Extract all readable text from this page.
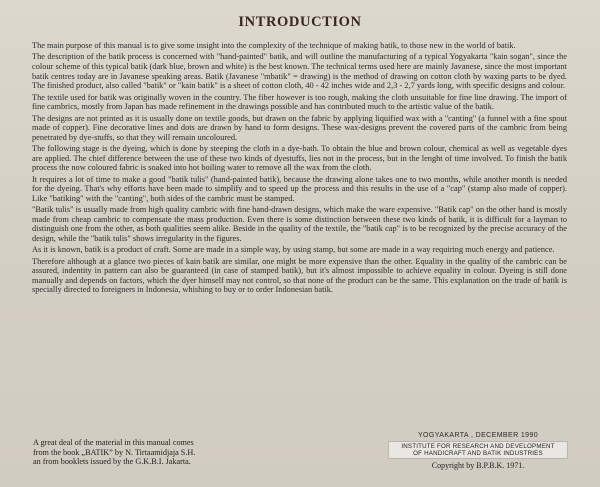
INTRODUCTION

The main purpose of this manual is to give some insight into the complexity of the technique of making batik, to those new in the world of batik.

The description of the batik process is concerned with "hand-painted" batik, and will outline the manufacturing of a typical Yogyakarta "kain sogan", since the colour scheme of this typical batik (dark blue, brown and white) is the best known. The technical terms used here are mainly Javanese, since the most important batik centres today are in Javanese speaking areas. Batik (Javanese "mbatik" = drawing) is the method of drawing on cotton cloth by waxing parts to be dyed. The finished product, also called "batik" or "kain batik" is a sheet of cotton cloth, 40 - 42 inches wide and 2,3 - 2,7 yards long, with specific designs and colour.

The textile used for batik was originally woven in the country. The fiber however is too rough, making the cloth unsuitable for fine line drawing. The import of fine cambrics, mostly from Japan has made refinement in the drawings possible and has contributed much to the artistic value of the batik.

The designs are not printed as it is usually done on textile goods, but drawn on the fabric by applying liquified wax with a "canting" (a funnel with a fine spout made of copper). Fine decorative lines and dots are drawn by hand to form designs. These wax-designs prevent the covered parts of the cambric from being penetrated by dye-stuffs, so that they will remain uncoloured.

The following stage is the dyeing, which is done by steeping the cloth in a dye-bath. To obtain the blue and brown colour, chemical as well as vegetable dyes are applied. The chief difference between the use of these two kinds of dyestuffs, lies not in the process, but in the lenght of time involved. To finish the batik process the now coloured fabric is soaked into hot boiling water to remove all the wax from the cloth.

It requires a lot of time to make a good "batik tulis" (hand-painted batik), because the drawing alone takes one to two months, while another month is needed for the dyeing. That's why efforts have been made to simplify and to speed up the process and this results in the use of a "cap" (stamp also made of copper). Like "batiking" with the "canting", both sides of the cambric must be stamped.

"Batik tulis" is usually made from high quality cambric with fine hand-drawn designs, which make the ware expensive. "Batik cap" on the other hand is mostly made from cheap cambric to compensate the mass production. Even there is some distinction between these two kinds of batik, it is difficult for a layman to distinguish one from the other, as both qualities seem alike. Beside in the quality of the textile, the "batik cap" is to be recognized by the precise accuracy of the design, while the "batik tulis" shows irregularity in the figures.

As it is known, batik is a product of craft. Some are made in a simple way, by using stamp, but some are made in a way requiring much energy and patience.

Therefore although at a glance two pieces of kain batik are similar, one might be more expensive than the other. Equality in the quality of the cambric can be assured, indentity in pattern can also be guaranteed (in case of stamped batik), but it's almost impossible to achieve equality in colour. Dyeing is still done manually and depends on factors, which the dyer himself may not control, so that none of the product can be the same. This explanation on the trade of batik is specially directed to foreigners in Indonesia, whishing to buy or to order Indonesian batik.

A great deal of the material in this manual comes
from the book „BATIK” by N. Tirtaamidjaja S.H.
an from booklets issued by the G.K.B.I. Jakarta.
YOGYAKARTA , DECEMBER 1990
INSTITUTE FOR RESEARCH AND DEVELOPMENT
OF HANDICRAFT AND BATIK INDUSTRIES
Copyright by B.P.B.K. 1971.
